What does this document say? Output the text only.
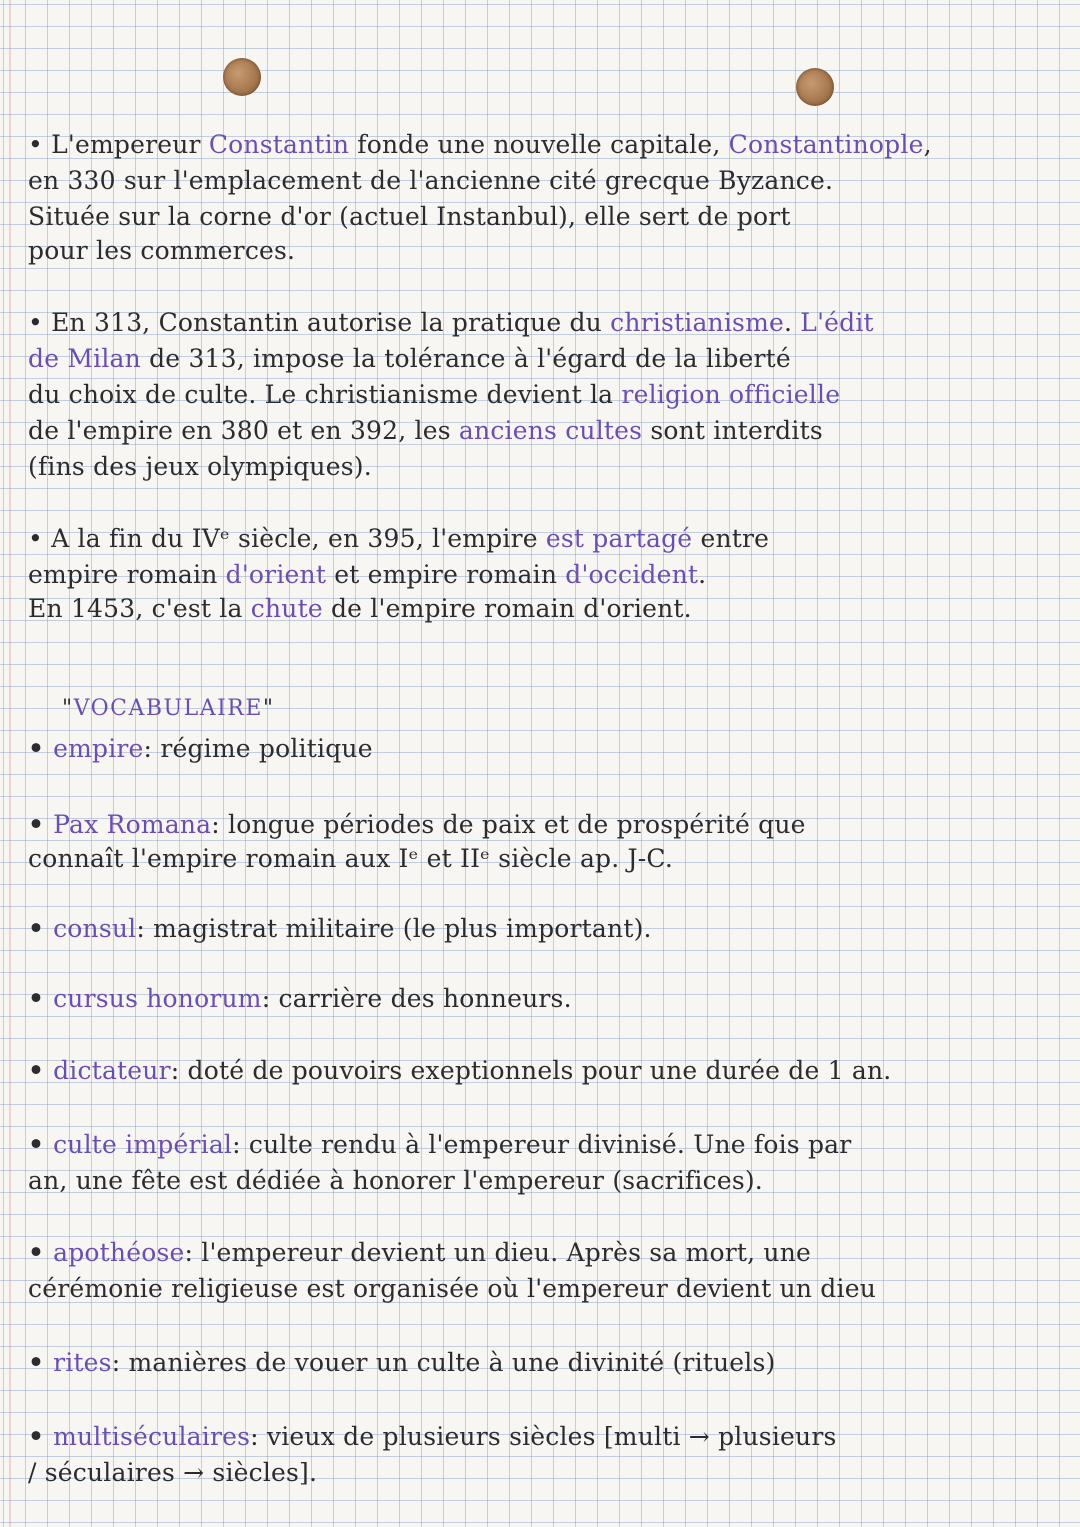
• L'empereur Constantin fonde une nouvelle capitale, Constantinople,
en 330 sur l'emplacement de l'ancienne cité grecque Byzance.
Située sur la corne d'or (actuel Instanbul), elle sert de port
pour les commerces.
• En 313, Constantin autorise la pratique du christianisme. L'édit
de Milan de 313, impose la tolérance à l'égard de la liberté
du choix de culte. Le christianisme devient la religion officielle
de l'empire en 380 et en 392, les anciens cultes sont interdits
(fins des jeux olympiques).
• A la fin du IVᵉ siècle, en 395, l'empire est partagé entre
empire romain d'orient et empire romain d'occident.
En 1453, c'est la chute de l'empire romain d'orient.
"VOCABULAIRE"
• empire: régime politique
• Pax Romana: longue périodes de paix et de prospérité que
connaît l'empire romain aux Iᵉ et IIᵉ siècle ap. J-C.
• consul: magistrat militaire (le plus important).
• cursus honorum: carrière des honneurs.
• dictateur: doté de pouvoirs exeptionnels pour une durée de 1 an.
• culte impérial: culte rendu à l'empereur divinisé. Une fois par
an, une fête est dédiée à honorer l'empereur (sacrifices).
• apothéose: l'empereur devient un dieu. Après sa mort, une
cérémonie religieuse est organisée où l'empereur devient un dieu
• rites: manières de vouer un culte à une divinité (rituels)
• multiséculaires: vieux de plusieurs siècles [multi → plusieurs
/ séculaires → siècles].
